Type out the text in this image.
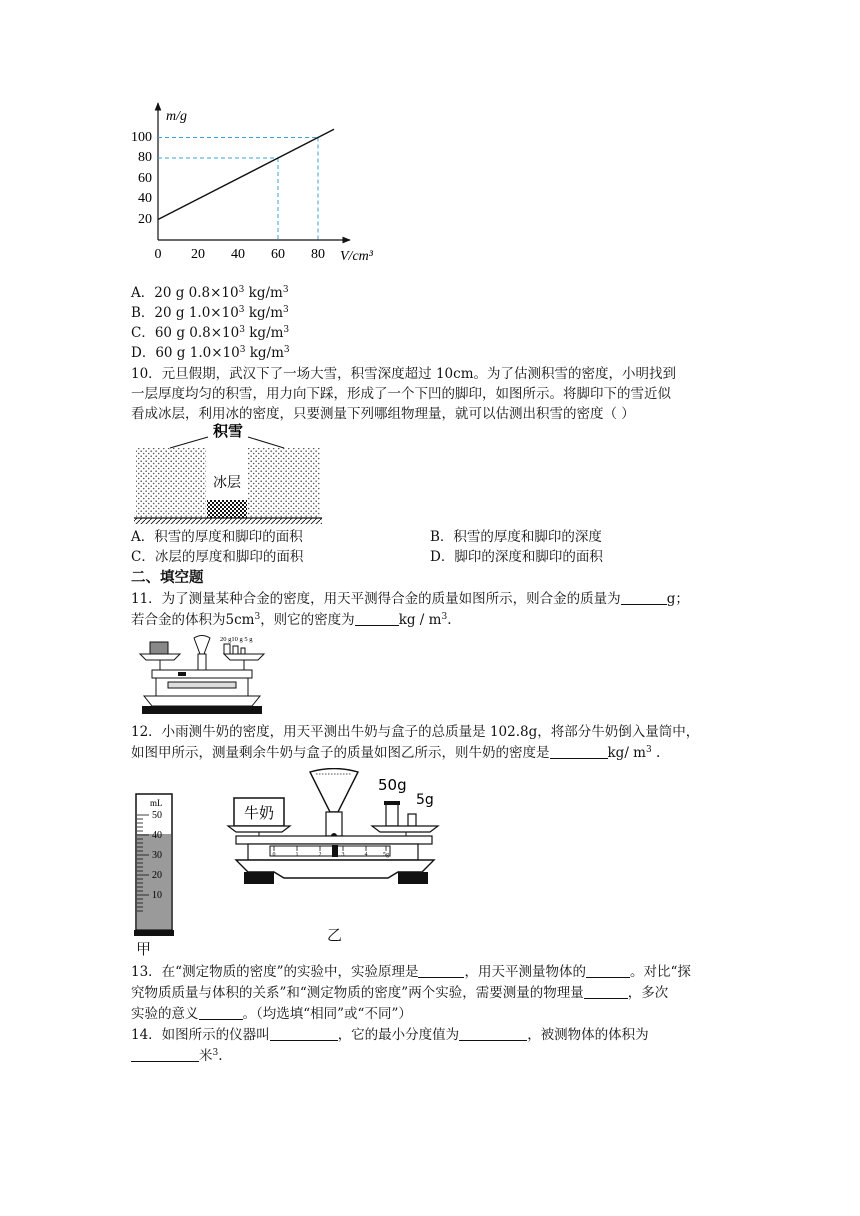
m/g
V/cm³
100
80
60
40
20
0 20 40 60 80
A．20 g $0.8\times 10^3$ $kg/m^3$
B．20 g $1.0\times 10^3$ $kg/m^3$
C．60 g $0.8\times 10^3$ $kg/m^3$
D．60 g $1.0\times 10^3$ $kg/m^3$
10．元旦假期，武汉下了一场大雪，积雪深度超过 10cm。为了估测积雪的密度，小明找到
一层厚度均匀的积雪，用力向下踩，形成了一个下凹的脚印，如图所示。将脚印下的雪近似
看成冰层，利用冰的密度，只要测量下列哪组物理量，就可以估测出积雪的密度（ ）
积雪
冰层
A．积雪的厚度和脚印的面积	B．积雪的厚度和脚印的深度
C．冰层的厚度和脚印的面积	D．脚印的深度和脚印的面积
二、填空题
11．为了测量某种合金的密度，用天平测得合金的质量如图所示，则合金的质量为	g；
若合金的体积为$5cm^3$，则它的密度为	kg / $m^3$.
20 g10 g 5 g
12．小雨测牛奶的密度，用天平测出牛奶与盒子的总质量是 102.8g，将部分牛奶倒入量筒中，
如图甲所示，测量剩余牛奶与盒子的质量如图乙所示，则牛奶的密度是	kg/ $m^3$ .
mL
50
40
30
20
10
甲
牛奶
50g
5g
0	1	2	3	4	5g
乙
13．在“测定物质的密度”的实验中，实验原理是	，用天平测量物体的	。对比“探
究物质质量与体积的关系”和“测定物质的密度”两个实验，需要测量的物理量	，多次
实验的意义	。（均选填“相同”或“不同”）
14．如图所示的仪器叫	，它的最小分度值为	，被测物体的体积为
米$^3$.
